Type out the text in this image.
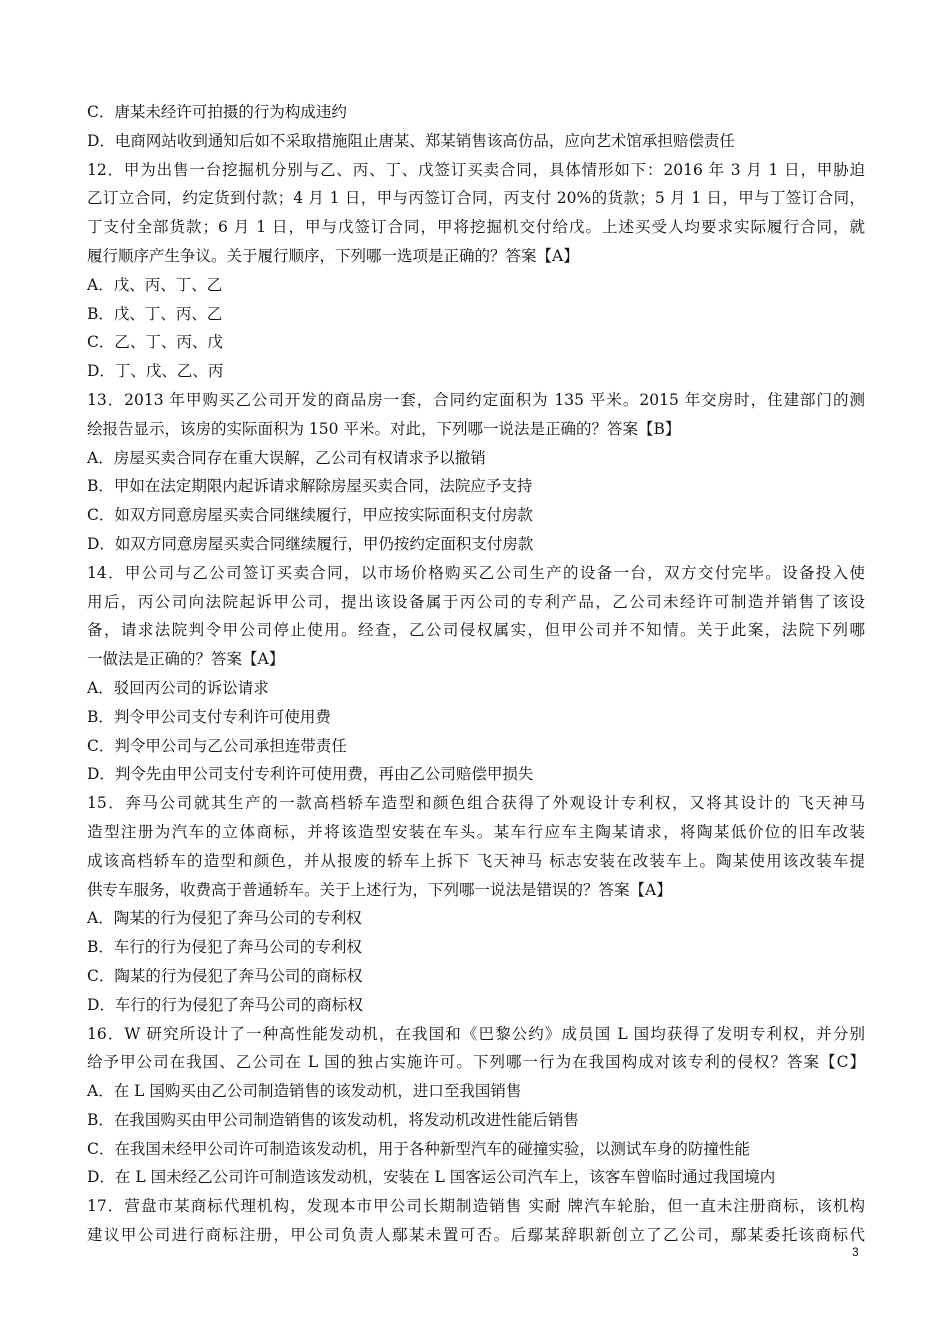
C．唐某未经许可拍摄的行为构成违约
D．电商网站收到通知后如不采取措施阻止唐某、郑某销售该高仿品，应向艺术馆承担赔偿责任
12．甲为出售一台挖掘机分别与乙、丙、丁、戊签订买卖合同，具体情形如下：2016 年 3 月 1 日，甲胁迫
乙订立合同，约定货到付款；4 月 1 日，甲与丙签订合同，丙支付 20%的货款；5 月 1 日，甲与丁签订合同，
丁支付全部货款；6 月 1 日，甲与戊签订合同，甲将挖掘机交付给戊。上述买受人均要求实际履行合同，就
履行顺序产生争议。关于履行顺序，下列哪一选项是正确的？答案【A】
A．戊、丙、丁、乙
B．戊、丁、丙、乙
C．乙、丁、丙、戊
D．丁、戊、乙、丙
13．2013 年甲购买乙公司开发的商品房一套，合同约定面积为 135 平米。2015 年交房时，住建部门的测
绘报告显示，该房的实际面积为 150 平米。对此，下列哪一说法是正确的？答案【B】
A．房屋买卖合同存在重大误解，乙公司有权请求予以撤销
B．甲如在法定期限内起诉请求解除房屋买卖合同，法院应予支持
C．如双方同意房屋买卖合同继续履行，甲应按实际面积支付房款
D．如双方同意房屋买卖合同继续履行，甲仍按约定面积支付房款
14．甲公司与乙公司签订买卖合同，以市场价格购买乙公司生产的设备一台，双方交付完毕。设备投入使
用后，丙公司向法院起诉甲公司，提出该设备属于丙公司的专利产品，乙公司未经许可制造并销售了该设
备，请求法院判令甲公司停止使用。经查，乙公司侵权属实，但甲公司并不知情。关于此案，法院下列哪
一做法是正确的？答案【A】
A．驳回丙公司的诉讼请求
B．判令甲公司支付专利许可使用费
C．判令甲公司与乙公司承担连带责任
D．判令先由甲公司支付专利许可使用费，再由乙公司赔偿甲损失
15．奔马公司就其生产的一款高档轿车造型和颜色组合获得了外观设计专利权，又将其设计的 飞天神马
造型注册为汽车的立体商标，并将该造型安装在车头。某车行应车主陶某请求，将陶某低价位的旧车改装
成该高档轿车的造型和颜色，并从报废的轿车上拆下 飞天神马 标志安装在改装车上。陶某使用该改装车提
供专车服务，收费高于普通轿车。关于上述行为，下列哪一说法是错误的？答案【A】
A．陶某的行为侵犯了奔马公司的专利权
B．车行的行为侵犯了奔马公司的专利权
C．陶某的行为侵犯了奔马公司的商标权
D．车行的行为侵犯了奔马公司的商标权
16．W 研究所设计了一种高性能发动机，在我国和《巴黎公约》成员国 L 国均获得了发明专利权，并分别
给予甲公司在我国、乙公司在 L 国的独占实施许可。下列哪一行为在我国构成对该专利的侵权？答案【C】
A．在 L 国购买由乙公司制造销售的该发动机，进口至我国销售
B．在我国购买由甲公司制造销售的该发动机，将发动机改进性能后销售
C．在我国未经甲公司许可制造该发动机，用于各种新型汽车的碰撞实验，以测试车身的防撞性能
D．在 L 国未经乙公司许可制造该发动机，安装在 L 国客运公司汽车上，该客车曾临时通过我国境内
17．营盘市某商标代理机构，发现本市甲公司长期制造销售 实耐 牌汽车轮胎，但一直未注册商标，该机构
建议甲公司进行商标注册，甲公司负责人鄢某未置可否。后鄢某辞职新创立了乙公司，鄢某委托该商标代
3
